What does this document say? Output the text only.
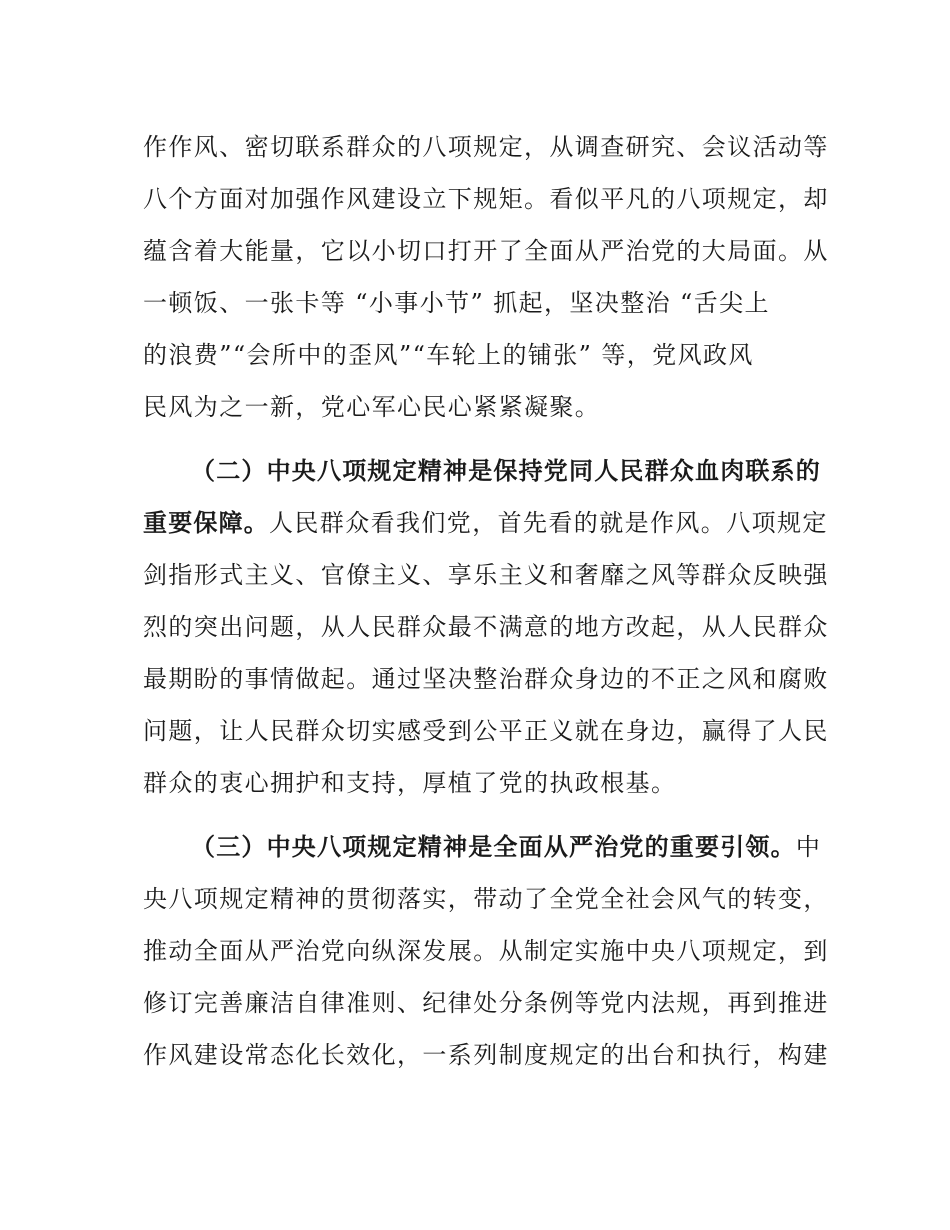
作作风、密切联系群众的八项规定，从调查研究、会议活动等
八个方面对加强作风建设立下规矩。看似平凡的八项规定，却
蕴含着大能量，它以小切口打开了全面从严治党的大局面。从
一顿饭、一张卡等 “小事小节” 抓起，坚决整治 “舌尖上
的浪费”“会所中的歪风”“车轮上的铺张” 等，党风政风
民风为之一新，党心军心民心紧紧凝聚。
（二）中央八项规定精神是保持党同人民群众血肉联系的
重要保障。人民群众看我们党，首先看的就是作风。八项规定
剑指形式主义、官僚主义、享乐主义和奢靡之风等群众反映强
烈的突出问题，从人民群众最不满意的地方改起，从人民群众
最期盼的事情做起。通过坚决整治群众身边的不正之风和腐败
问题，让人民群众切实感受到公平正义就在身边，赢得了人民
群众的衷心拥护和支持，厚植了党的执政根基。
（三）中央八项规定精神是全面从严治党的重要引领。中
央八项规定精神的贯彻落实，带动了全党全社会风气的转变，
推动全面从严治党向纵深发展。从制定实施中央八项规定，到
修订完善廉洁自律准则、纪律处分条例等党内法规，再到推进
作风建设常态化长效化，一系列制度规定的出台和执行，构建
